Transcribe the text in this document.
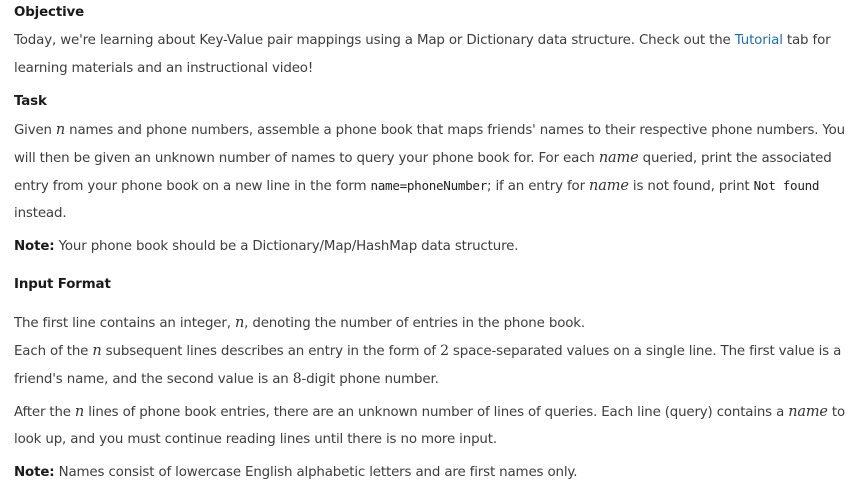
Objective
Today, we're learning about Key-Value pair mappings using a Map or Dictionary data structure. Check out the Tutorial tab for
learning materials and an instructional video!
Task
Given n names and phone numbers, assemble a phone book that maps friends' names to their respective phone numbers. You
will then be given an unknown number of names to query your phone book for. For each name queried, print the associated
entry from your phone book on a new line in the form name=phoneNumber; if an entry for name is not found, print Not found
instead.
Note: Your phone book should be a Dictionary/Map/HashMap data structure.
Input Format
The first line contains an integer, n, denoting the number of entries in the phone book.
Each of the n subsequent lines describes an entry in the form of 2 space-separated values on a single line. The first value is a
friend's name, and the second value is an 8-digit phone number.
After the n lines of phone book entries, there are an unknown number of lines of queries. Each line (query) contains a name to
look up, and you must continue reading lines until there is no more input.
Note: Names consist of lowercase English alphabetic letters and are first names only.
